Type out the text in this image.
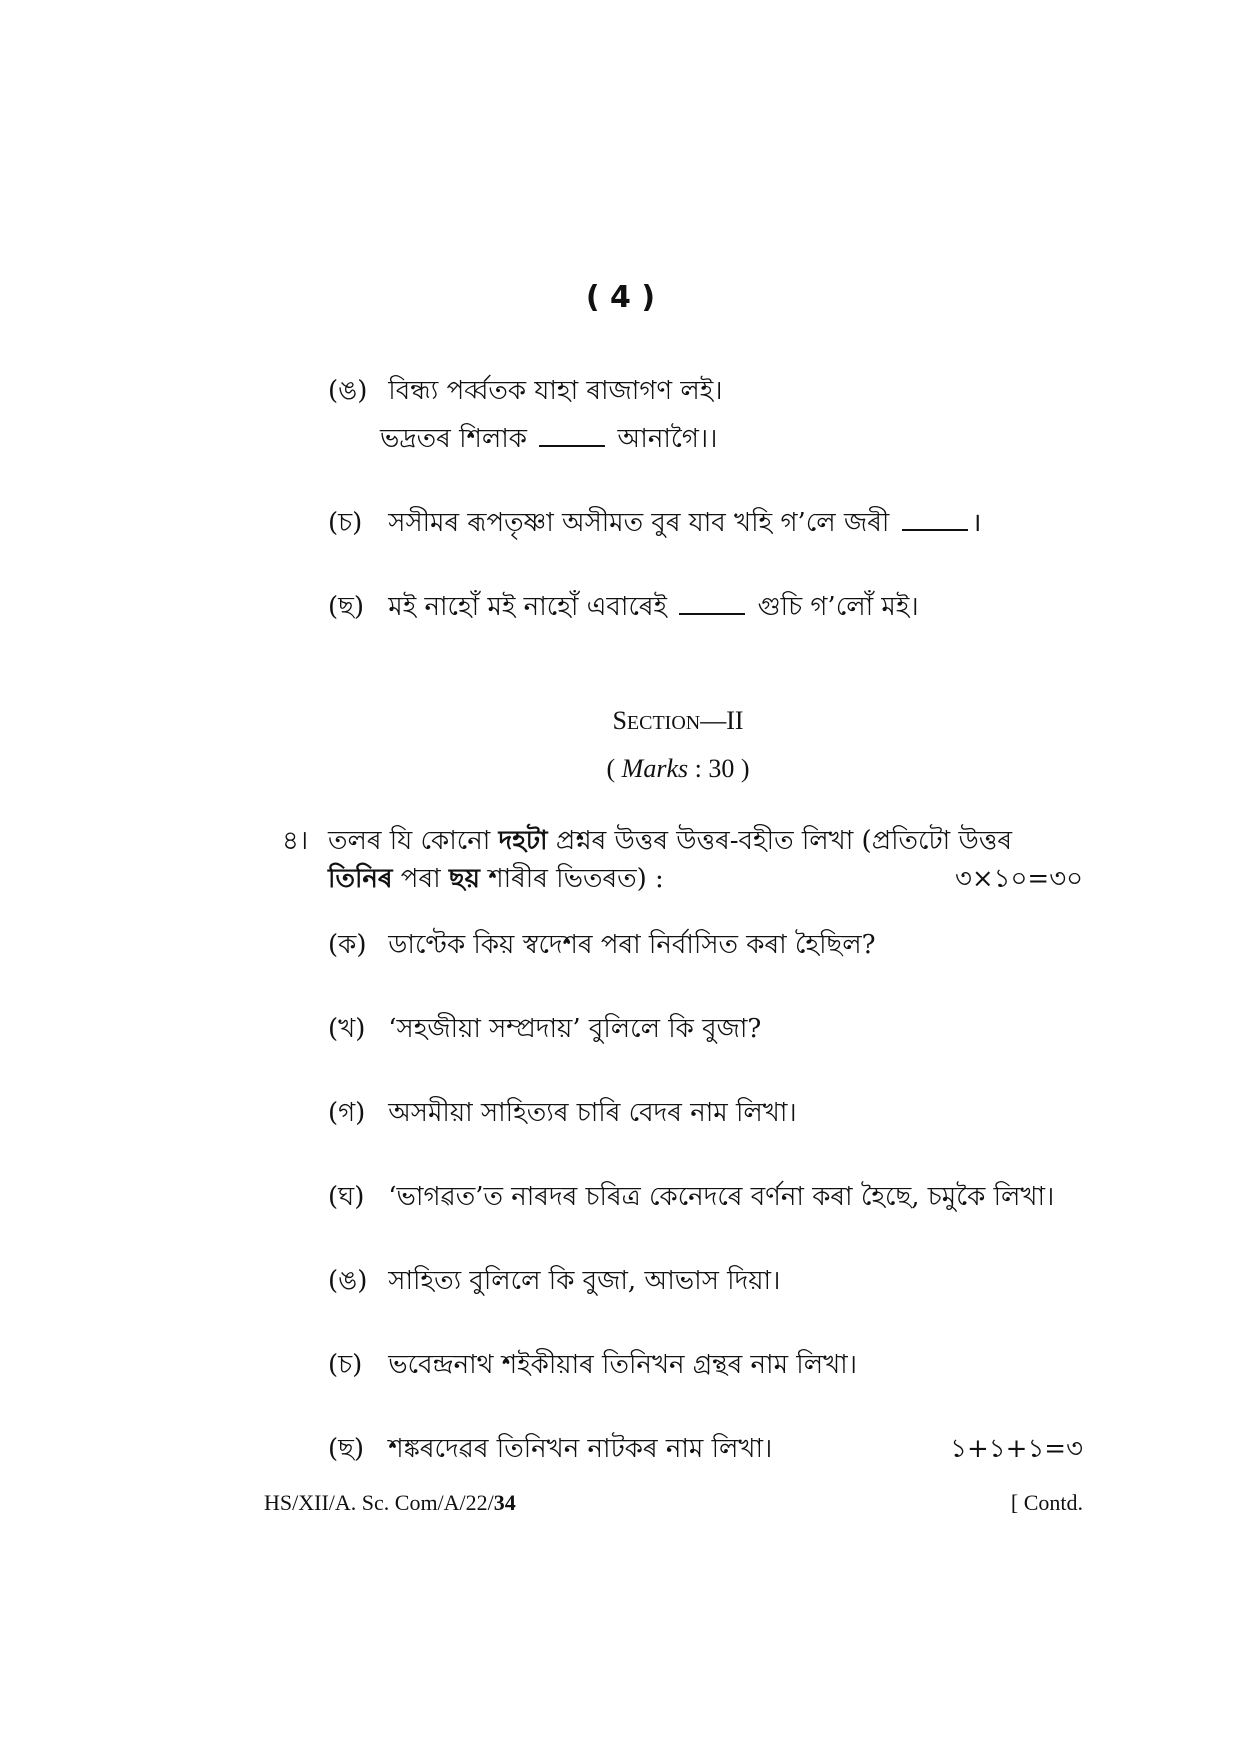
( 4 )
(ঙ) বিন্ধ্য পৰ্ব্বতক যাহা ৰাজাগণ লই।
ভদ্ৰতৰ শিলাক	আনাগৈ।।
(চ) সসীমৰ ৰূপতৃষ্ণা অসীমত বুৰ যাব খহি গ’লে জৰী	।
(ছ) মই নাহোঁ মই নাহোঁ এবাৰেই	গুচি গ’লোঁ মই।
SECTION—II
( Marks : 30 )
৪। তলৰ যি কোনো দহটা প্ৰশ্নৰ উত্তৰ উত্তৰ-বহীত লিখা (প্ৰতিটো উত্তৰ
তিনিৰ পৰা ছয় শাৰীৰ ভিতৰত) :	৩×১০=৩০
(ক) ডাণ্টেক কিয় স্বদেশৰ পৰা নিৰ্বাসিত কৰা হৈছিল?
(খ) ‘সহজীয়া সম্প্ৰদায়’ বুলিলে কি বুজা?
(গ) অসমীয়া সাহিত্যৰ চাৰি বেদৰ নাম লিখা।
(ঘ) ‘ভাগৱত’ত নাৰদৰ চৰিত্ৰ কেনেদৰে বৰ্ণনা কৰা হৈছে, চমুকৈ লিখা।
(ঙ) সাহিত্য বুলিলে কি বুজা, আভাস দিয়া।
(চ) ভবেন্দ্ৰনাথ শইকীয়াৰ তিনিখন গ্ৰন্থৰ নাম লিখা।
(ছ) শঙ্কৰদেৱৰ তিনিখন নাটকৰ নাম লিখা।	১+১+১=৩
HS/XII/A. Sc. Com/A/22/34	[ Contd.
